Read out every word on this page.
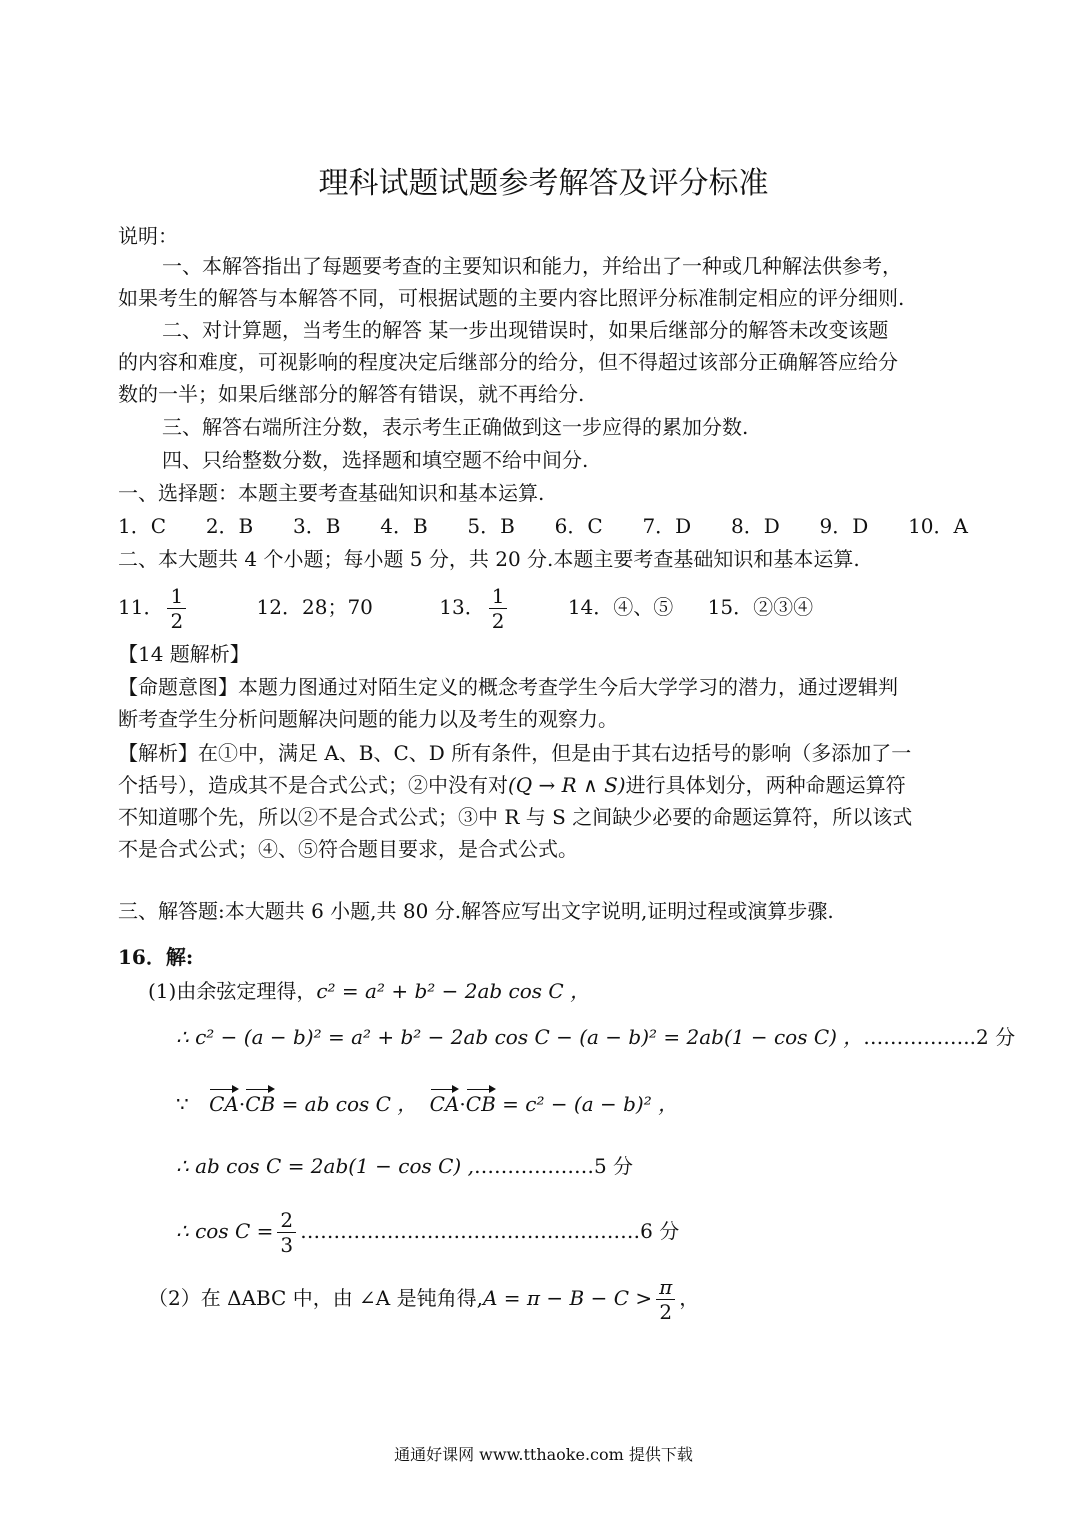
理科试题试题参考解答及评分标准
说明：
一、本解答指出了每题要考查的主要知识和能力，并给出了一种或几种解法供参考，
如果考生的解答与本解答不同，可根据试题的主要内容比照评分标准制定相应的评分细则.
二、对计算题，当考生的解答 某一步出现错误时，如果后继部分的解答未改变该题
的内容和难度，可视影响的程度决定后继部分的给分，但不得超过该部分正确解答应给分
数的一半；如果后继部分的解答有错误，就不再给分.
三、解答右端所注分数，表示考生正确做到这一步应得的累加分数.
四、只给整数分数，选择题和填空题不给中间分.
一、选择题：本题主要考查基础知识和基本运算.
1．C 2．B 3．B 4．B 5．B 6．C 7．D 8．D 9．D 10．A
二、本大题共 4 个小题；每小题 5 分，共 20 分.本题主要考查基础知识和基本运算.
11． $\frac{1}{2}$	12．28；70	13． $\frac{1}{2}$	14．④、⑤ 15．②③④
【14 题解析】
【命题意图】本题力图通过对陌生定义的概念考查学生今后大学学习的潜力，通过逻辑判
断考查学生分析问题解决问题的能力以及考生的观察力。
【解析】在①中，满足 A、B、C、D 所有条件，但是由于其右边括号的影响（多添加了一
个括号），造成其不是合式公式；②中没有对(Q → R ∧ S)进行具体划分，两种命题运算符
不知道哪个先，所以②不是合式公式；③中 R 与 S 之间缺少必要的命题运算符，所以该式
不是合式公式；④、⑤符合题目要求，是合式公式。
三、解答题:本大题共 6 小题,共 80 分.解答应写出文字说明,证明过程或演算步骤.
16．解:
(1)由余弦定理得，c² = a² + b² − 2ab cos C ，
∴ c² − (a − b)² = a² + b² − 2ab cos C − (a − b)² = 2ab(1 − cos C) ，……………..2 分
∵ CA·CB = ab cos C ， CA·CB = c² − (a − b)² ，
∴ ab cos C = 2ab(1 − cos C) ,………………5 分
∴ $\cos C = \frac{2}{3}$ ……………………………………………6 分
（2）在 ΔABC 中，由 ∠A 是钝角得$,A = \pi - B - C > \frac{\pi}{2}$ ，
通通好课网 www.tthaoke.com 提供下载
